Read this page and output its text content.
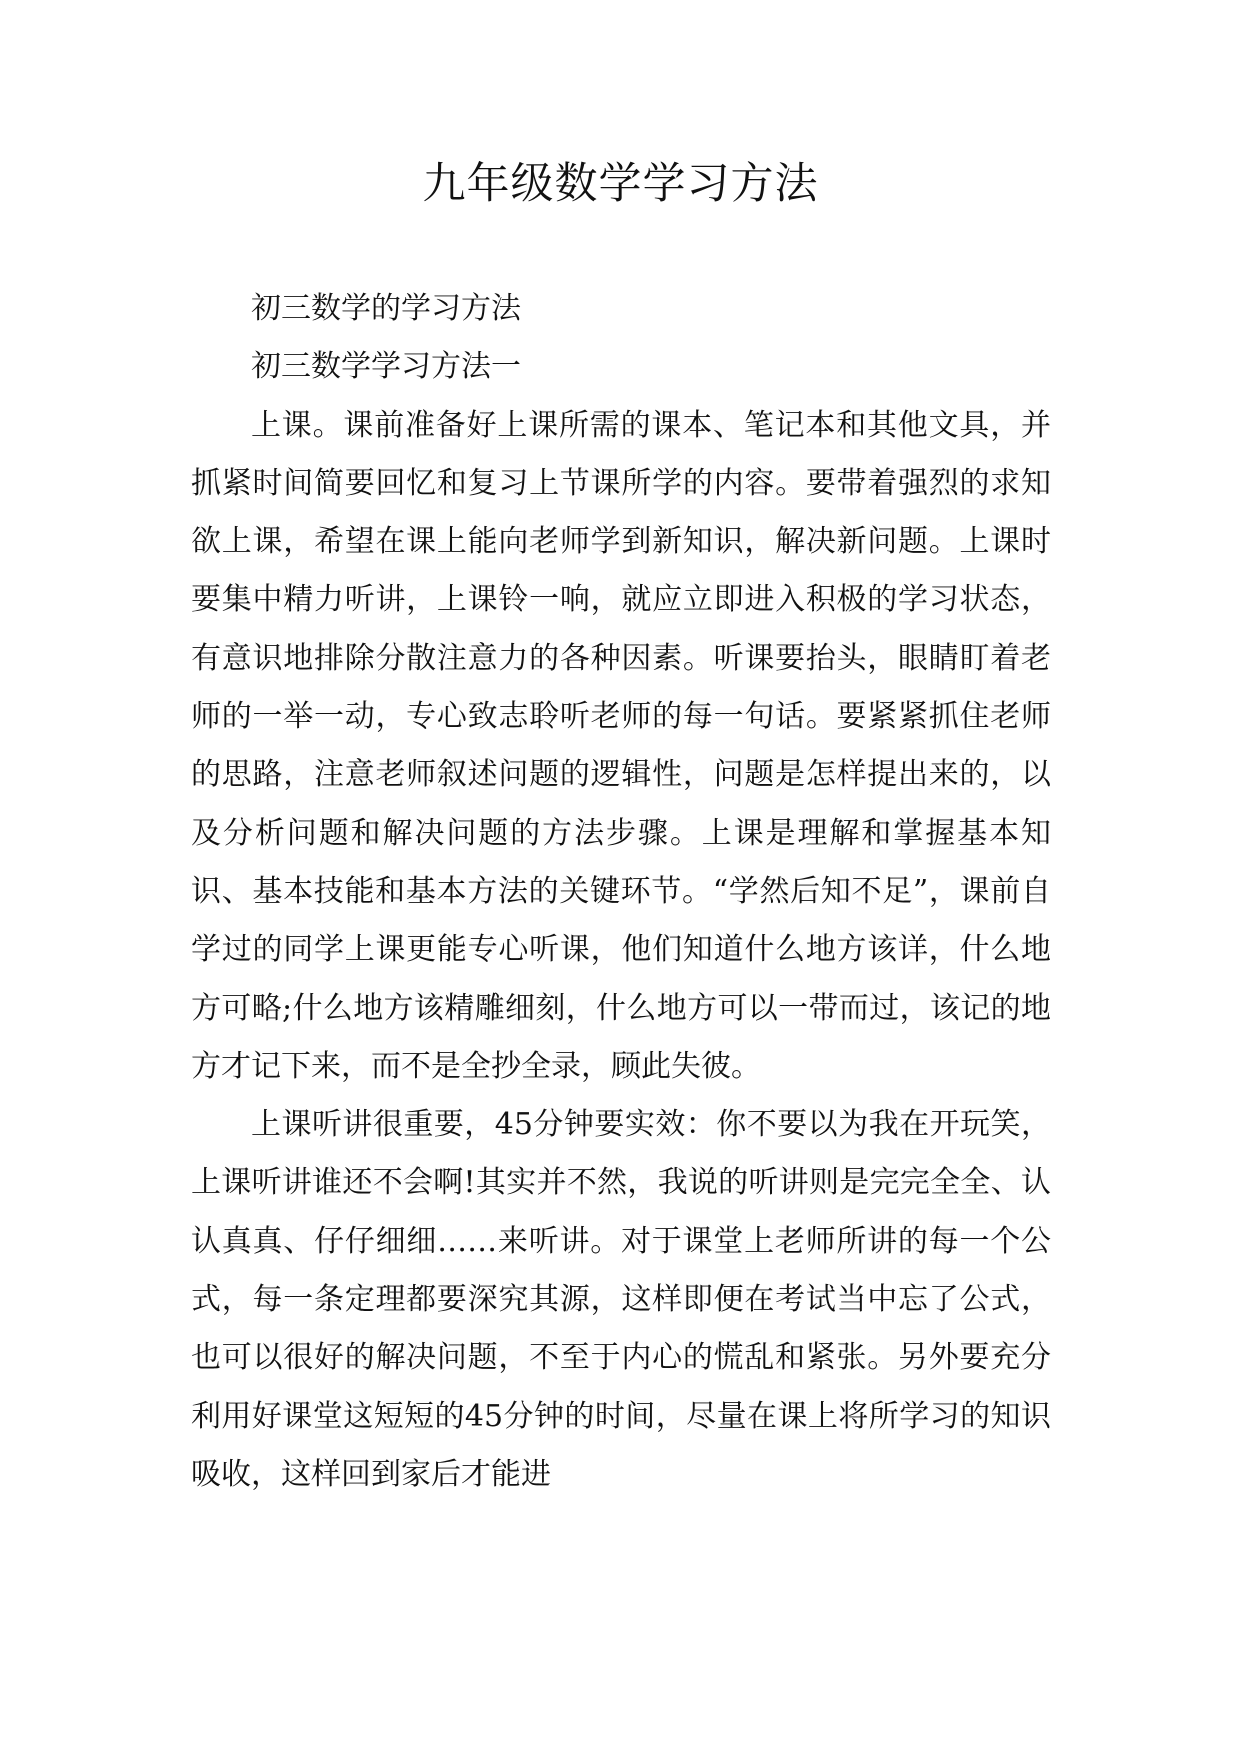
九年级数学学习方法

初三数学的学习方法

初三数学学习方法一

上课。课前准备好上课所需的课本、笔记本和其他文具，并抓紧时间简要回忆和复习上节课所学的内容。要带着强烈的求知欲上课，希望在课上能向老师学到新知识，解决新问题。上课时要集中精力听讲，上课铃一响，就应立即进入积极的学习状态，有意识地排除分散注意力的各种因素。听课要抬头，眼睛盯着老师的一举一动，专心致志聆听老师的每一句话。要紧紧抓住老师的思路，注意老师叙述问题的逻辑性，问题是怎样提出来的，以及分析问题和解决问题的方法步骤。上课是理解和掌握基本知识、基本技能和基本方法的关键环节。“学然后知不足”，课前自学过的同学上课更能专心听课，他们知道什么地方该详，什么地方可略;什么地方该精雕细刻，什么地方可以一带而过，该记的地方才记下来，而不是全抄全录，顾此失彼。

上课听讲很重要，45分钟要实效：你不要以为我在开玩笑，上课听讲谁还不会啊!其实并不然，我说的听讲则是完完全全、认认真真、仔仔细细……来听讲。对于课堂上老师所讲的每一个公式，每一条定理都要深究其源，这样即便在考试当中忘了公式，也可以很好的解决问题，不至于内心的慌乱和紧张。另外要充分利用好课堂这短短的45分钟的时间，尽量在课上将所学习的知识吸收，这样回到家后才能进
